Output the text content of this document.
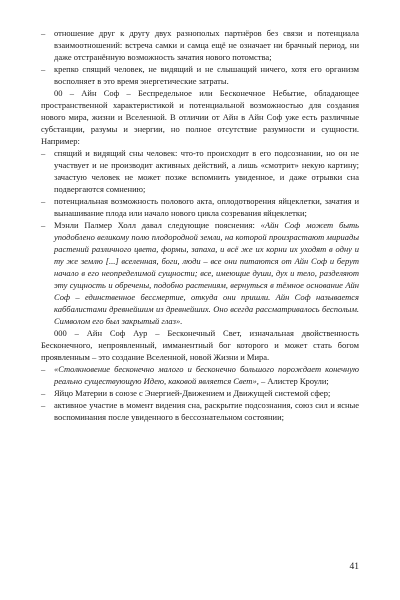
– отношение друг к другу двух разнополых партнёров без связи и потенциала взаимоотношений: встреча самки и самца ещё не означает ни брачный период, ни даже отстранённую возможность зачатия нового потомства;

– крепко спящий человек, не видящий и не слышащий ничего, хотя его организм восполняет в это время энергетические затраты.

00 – Айн Соф – Беспредельное или Бесконечное Небытие, обладающее пространственной характеристикой и потенциальной возможностью для создания нового мира, жизни и Вселенной. В отличии от Айн в Айн Соф уже есть различные субстанции, разумы и энергии, но полное отсутствие разумности и сущности. Например:

– спящий и видящий сны человек: что-то происходит в его подсознании, но он не участвует и не производит активных действий, а лишь «смотрит» некую картину; зачастую человек не может позже вспомнить увиденное, и даже отрывки сна подвергаются сомнению;

– потенциальная возможность полового акта, оплодотворения яйцеклетки, зачатия и вынашивание плода или начало нового цикла созревания яйцеклетки;

– Мэнли Палмер Холл давал следующие пояснения: «Айн Соф может быть уподоблено великому полю плодородной земли, на которой произрастают мириады растений различного цвета, формы, запаха, и всё же их корни их уходят в одну и ту же землю [...] вселенная, боги, люди – все они питаются от Айн Соф и берут начало в его неопределимой сущности; все, имеющие души, дух и тело, разделяют эту сущность и обречены, подобно растениям, вернуться в тёмное основание Айн Соф – единственное бессмертие, откуда они пришли. Айн Соф называется каббалистами древнейшим из древнейших. Оно всегда рассматривалось бесполым. Символом его был закрытый глаз».

000 – Айн Соф Аур – Бесконечный Свет, изначальная двойственность Бесконечного, непроявленный, имманентный бог которого и может стать богом проявленным – это создание Вселенной, новой Жизни и Мира.

– «Столкновение бесконечно малого и бесконечно большого порождает конечную реально существующую Идею, каковой является Свет», – Алистер Кроули;

– Яйцо Материи в союзе с Энергией-Движением и Движущей системой сфер;

– активное участие в момент видения сна, раскрытие подсознания, союз сил и ясные воспоминания после увиденного в бессознательном состоянии;

41
